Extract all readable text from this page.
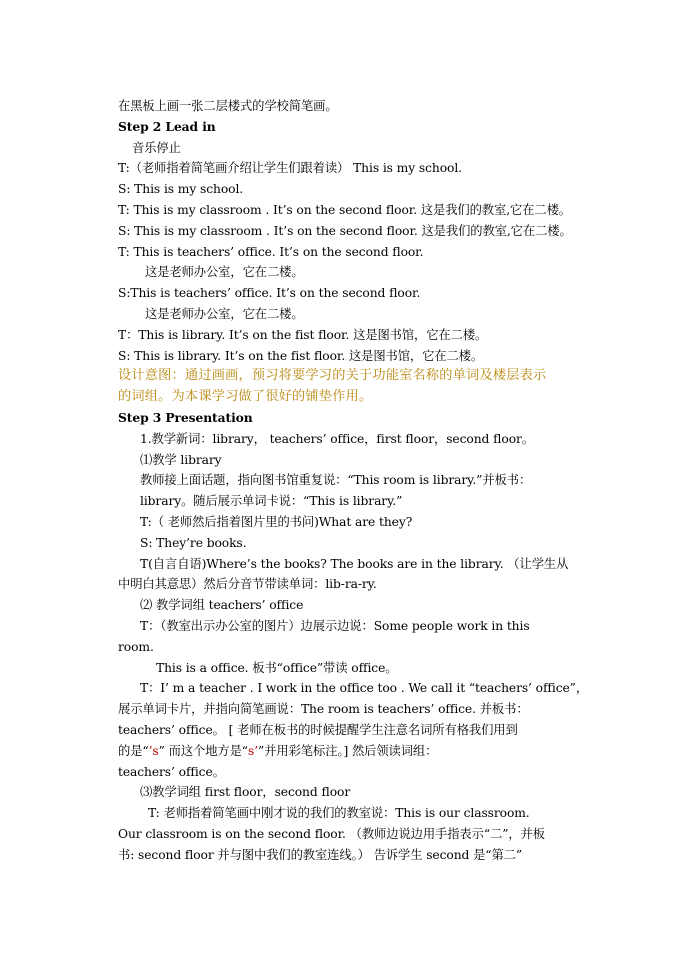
在黑板上画一张二层楼式的学校简笔画。
Step 2 Lead in
音乐停止
T:（老师指着简笔画介绍让学生们跟着读） This is my school.
S: This is my school.
T: This is my classroom . It’s on the second floor. 这是我们的教室,它在二楼。
S: This is my classroom . It’s on the second floor. 这是我们的教室,它在二楼。
T: This is teachers’ office. It’s on the second floor.
这是老师办公室，它在二楼。
S:This is teachers’ office. It’s on the second floor.
这是老师办公室，它在二楼。
T：This is library. It’s on the fist floor. 这是图书馆，它在二楼。
S: This is library. It’s on the fist floor. 这是图书馆，它在二楼。
设计意图：通过画画，预习将要学习的关于功能室名称的单词及楼层表示
的词组。为本课学习做了很好的铺垫作用。
Step 3 Presentation
1.教学新词：library， teachers’ office，first floor，second floor。
⑴教学 library
教师接上面话题，指向图书馆重复说：“This room is library.”并板书：
library。随后展示单词卡说：“This is library.”
T:（ 老师然后指着图片里的书问)What are they?
S: They’re books.
T(自言自语)Where’s the books? The books are in the library. （让学生从
中明白其意思）然后分音节带读单词：lib-ra-ry.
⑵ 教学词组 teachers’ office
T：（教室出示办公室的图片）边展示边说：Some people work in this
room.
This is a office. 板书“office”带读 office。
T：I’ m a teacher . I work in the office too . We call it “teachers’ office”，
展示单词卡片，并指向简笔画说：The room is teachers’ office. 并板书：
teachers’ office。 [ 老师在板书的时候提醒学生注意名词所有格我们用到
的是“’s” 而这个地方是“s’”并用彩笔标注。] 然后领读词组：
teachers’ office。
⑶教学词组 first floor，second floor
T: 老师指着简笔画中刚才说的我们的教室说：This is our classroom.
Our classroom is on the second floor. （教师边说边用手指表示“二”，并板
书: second floor 并与图中我们的教室连线。） 告诉学生 second 是“第二”
